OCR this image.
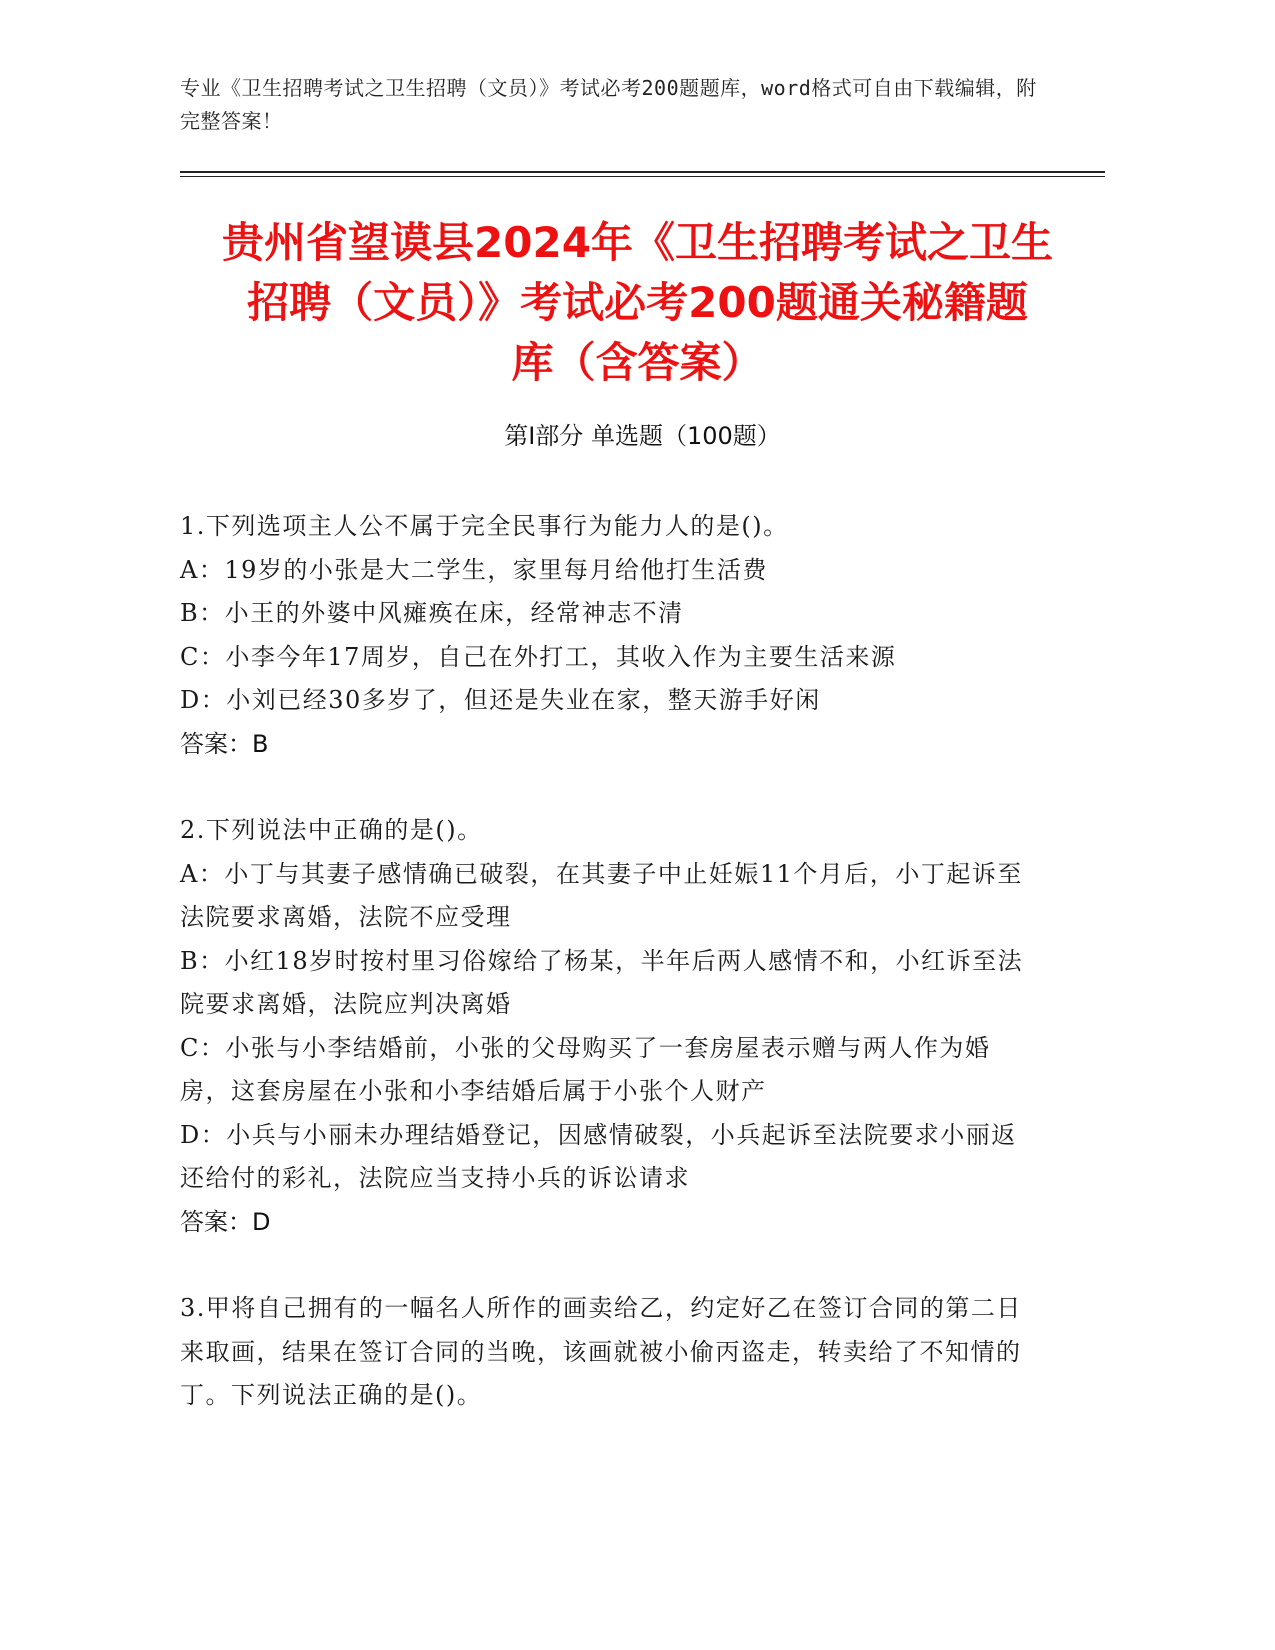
专业《卫生招聘考试之卫生招聘（文员）》考试必考200题题库，word格式可自由下载编辑，附完整答案！
贵州省望谟县2024年《卫生招聘考试之卫生
招聘（文员）》考试必考200题通关秘籍题
库（含答案）
第Ⅰ部分 单选题（100题）

1.下列选项主人公不属于完全民事行为能力人的是()。

A：19岁的小张是大二学生，家里每月给他打生活费

B：小王的外婆中风瘫痪在床，经常神志不清

C：小李今年17周岁，自己在外打工，其收入作为主要生活来源

D：小刘已经30多岁了，但还是失业在家，整天游手好闲

答案：B

2.下列说法中正确的是()。

A：小丁与其妻子感情确已破裂，在其妻子中止妊娠11个月后，小丁起诉至法院要求离婚，法院不应受理

B：小红18岁时按村里习俗嫁给了杨某，半年后两人感情不和，小红诉至法院要求离婚，法院应判决离婚

C：小张与小李结婚前，小张的父母购买了一套房屋表示赠与两人作为婚房，这套房屋在小张和小李结婚后属于小张个人财产

D：小兵与小丽未办理结婚登记，因感情破裂，小兵起诉至法院要求小丽返还给付的彩礼，法院应当支持小兵的诉讼请求

答案：D

3.甲将自己拥有的一幅名人所作的画卖给乙，约定好乙在签订合同的第二日来取画，结果在签订合同的当晚，该画就被小偷丙盗走，转卖给了不知情的丁。下列说法正确的是()。
